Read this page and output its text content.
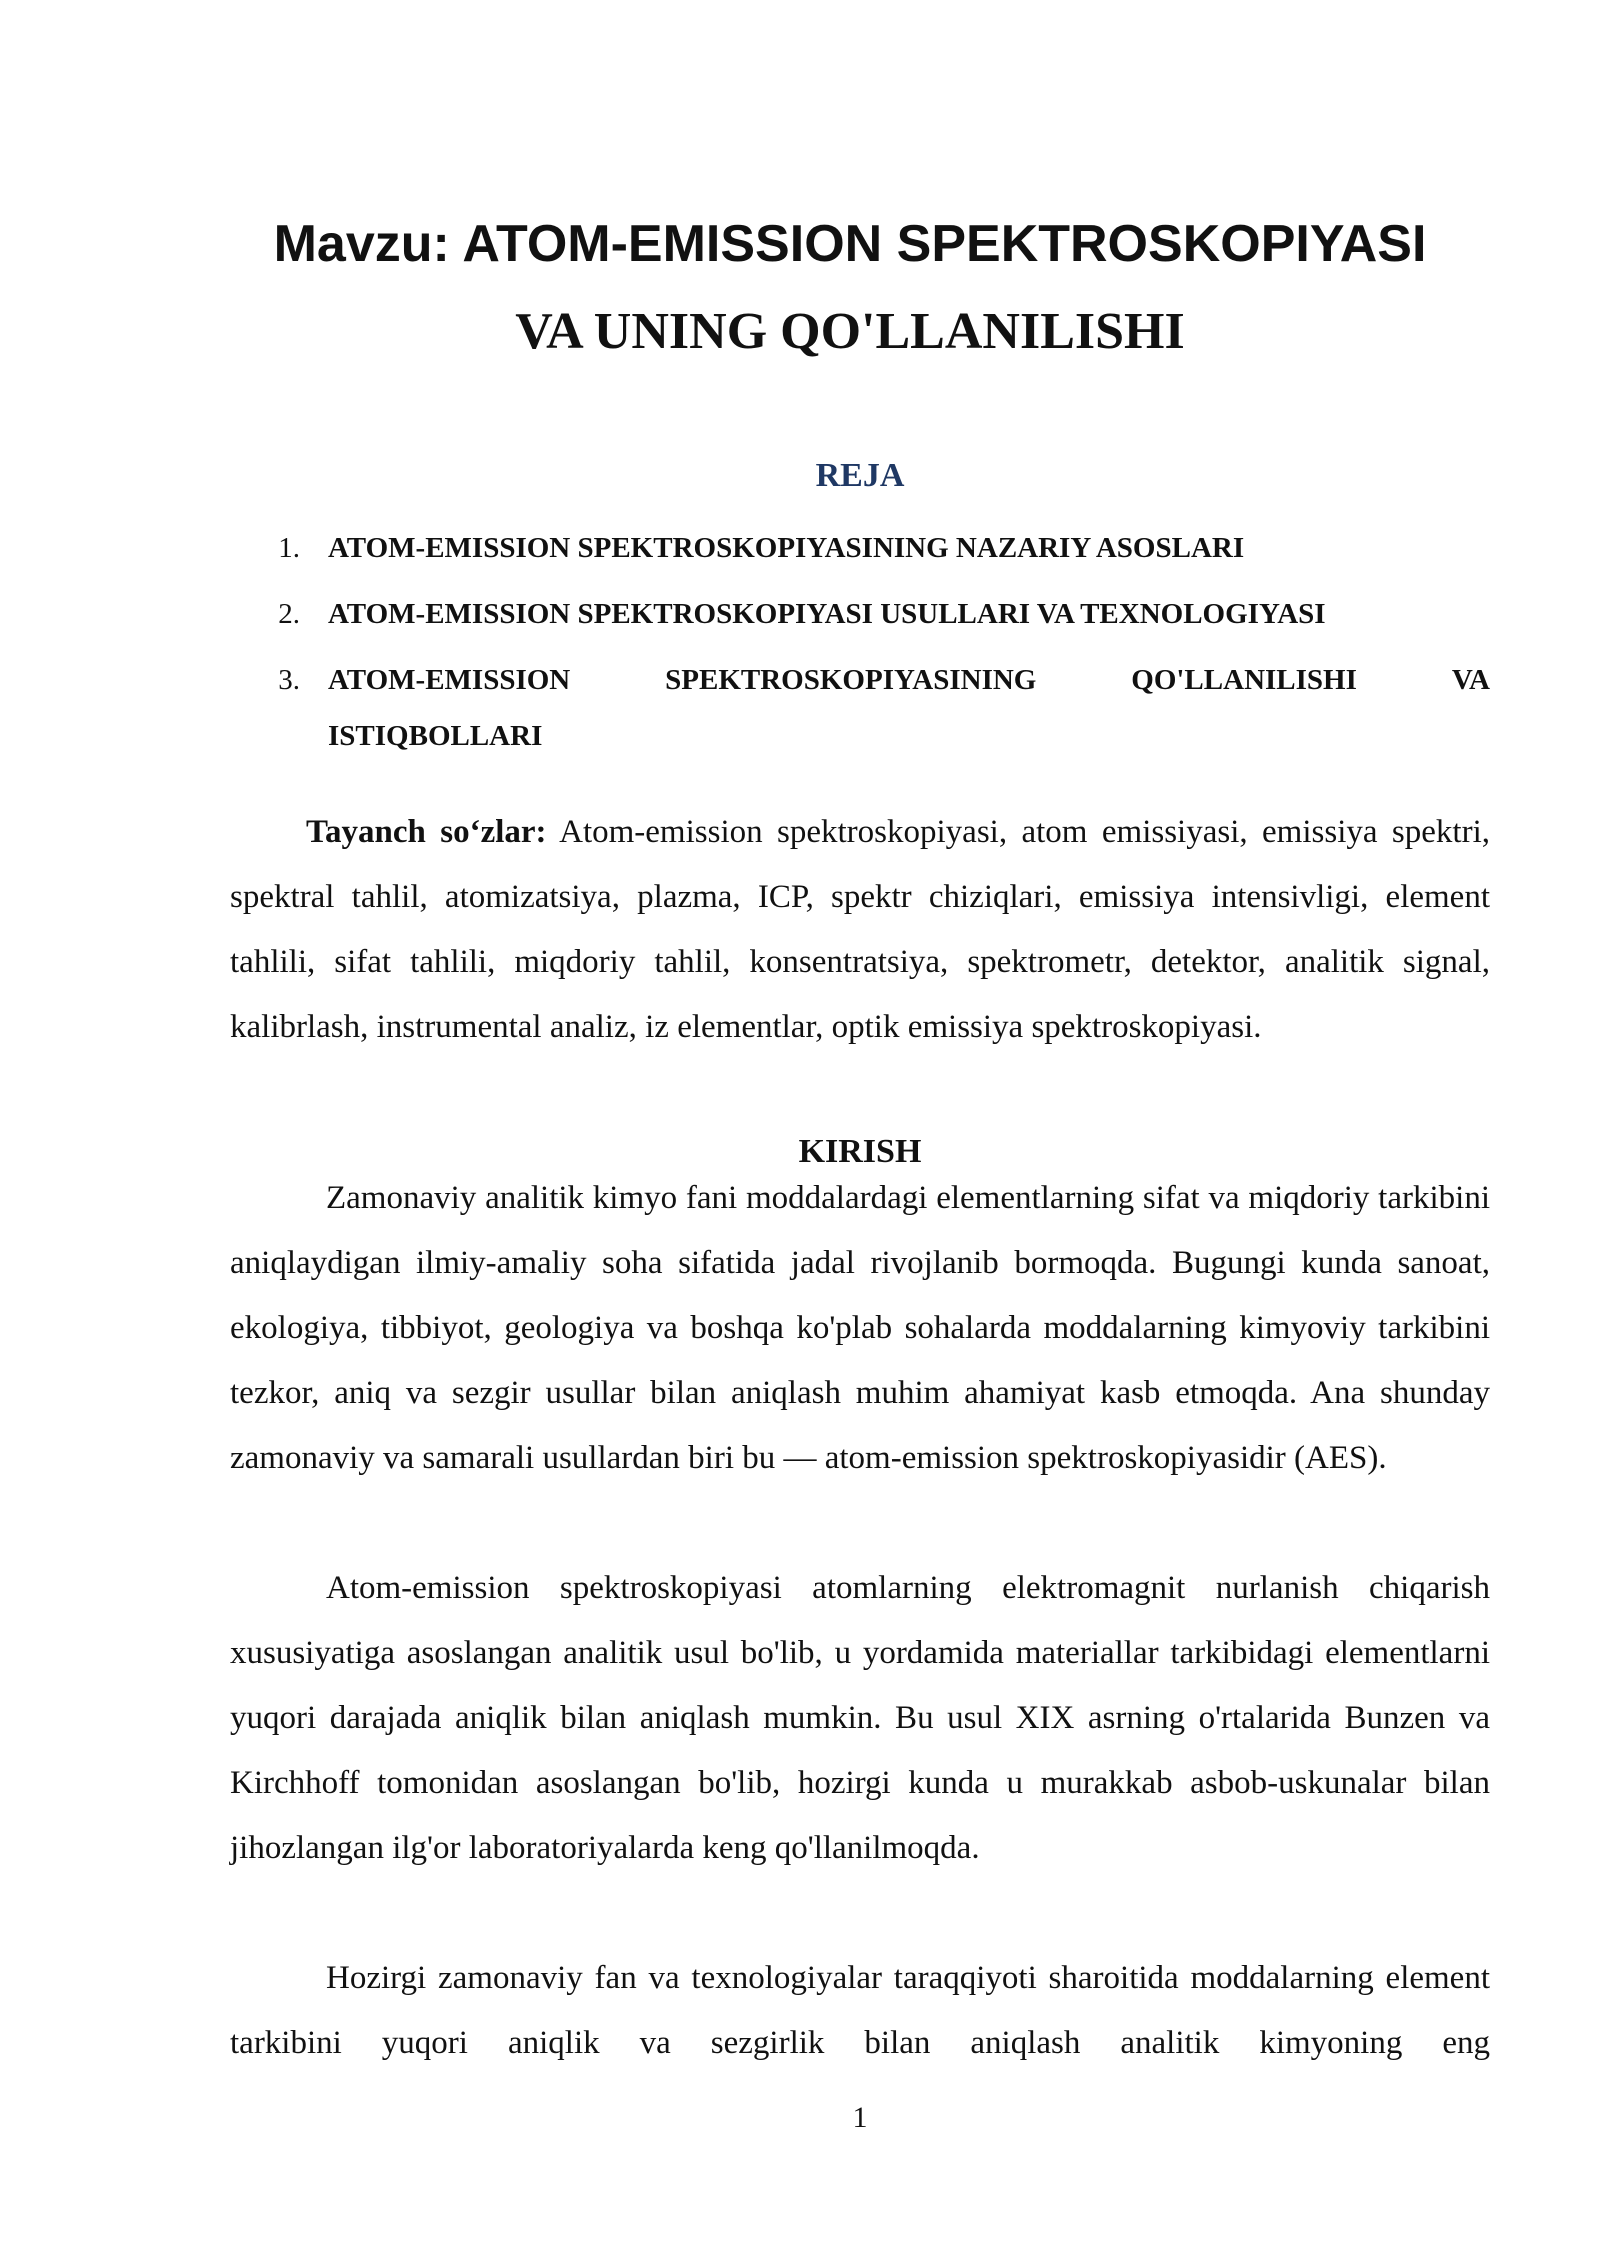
Mavzu: ATOM-EMISSION SPEKTROSKOPIYASI
VA UNING QO'LLANILISHI
REJA
1. ATOM-EMISSION SPEKTROSKOPIYASINING NAZARIY ASOSLARI
2. ATOM-EMISSION SPEKTROSKOPIYASI USULLARI VA TEXNOLOGIYASI
3. ATOM-EMISSION	SPEKTROSKOPIYASINING	QO'LLANILISHI	VA
ISTIQBOLLARI
Tayanch soʻzlar: Atom-emission spektroskopiyasi, atom emissiyasi, emissiya spektri, spektral tahlil, atomizatsiya, plazma, ICP, spektr chiziqlari, emissiya intensivligi, element tahlili, sifat tahlili, miqdoriy tahlil, konsentratsiya, spektrometr, detektor, analitik signal, kalibrlash, instrumental analiz, iz elementlar, optik emissiya spektroskopiyasi.
KIRISH

Zamonaviy analitik kimyo fani moddalardagi elementlarning sifat va miqdoriy tarkibini aniqlaydigan ilmiy-amaliy soha sifatida jadal rivojlanib bormoqda. Bugungi kunda sanoat, ekologiya, tibbiyot, geologiya va boshqa ko'plab sohalarda moddalarning kimyoviy tarkibini tezkor, aniq va sezgir usullar bilan aniqlash muhim ahamiyat kasb etmoqda. Ana shunday zamonaviy va samarali usullardan biri bu — atom-emission spektroskopiyasidir (AES).

Atom-emission spektroskopiyasi atomlarning elektromagnit nurlanish chiqarish xususiyatiga asoslangan analitik usul bo'lib, u yordamida materiallar tarkibidagi elementlarni yuqori darajada aniqlik bilan aniqlash mumkin. Bu usul XIX asrning o'rtalarida Bunzen va Kirchhoff tomonidan asoslangan bo'lib, hozirgi kunda u murakkab asbob-uskunalar bilan jihozlangan ilg'or laboratoriyalarda keng qo'llanilmoqda.

Hozirgi zamonaviy fan va texnologiyalar taraqqiyoti sharoitida moddalarning element tarkibini yuqori aniqlik va sezgirlik bilan aniqlash analitik kimyoning eng

1
